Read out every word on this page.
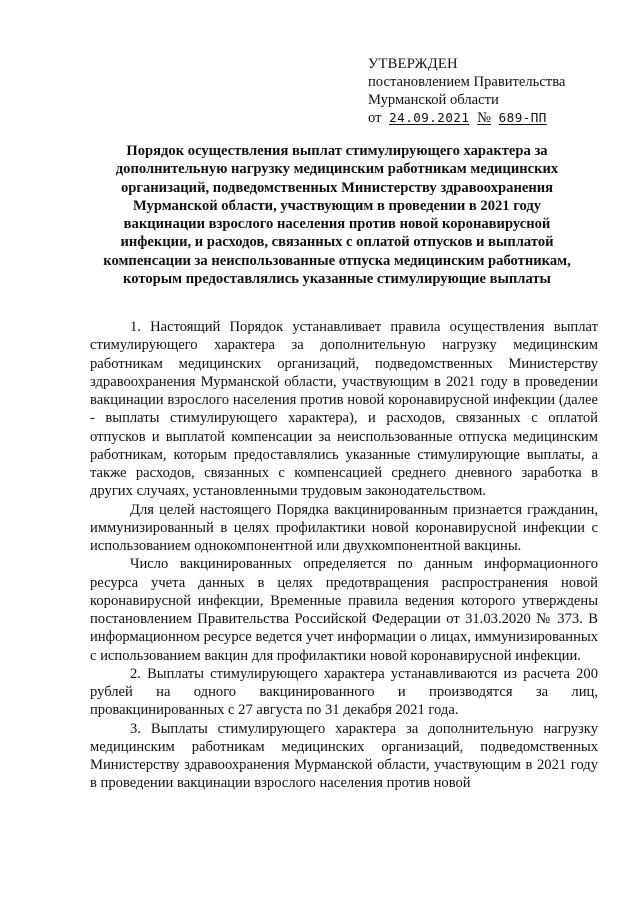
УТВЕРЖДЕН
постановлением Правительства
Мурманской области
от 24.09.2021 № 689-ПП
Порядок осуществления выплат стимулирующего характера за дополнительную нагрузку медицинским работникам медицинских организаций, подведомственных Министерству здравоохранения Мурманской области, участвующим в проведении в 2021 году вакцинации взрослого населения против новой коронавирусной инфекции, и расходов, связанных с оплатой отпусков и выплатой компенсации за неиспользованные отпуска медицинским работникам, которым предоставлялись указанные стимулирующие выплаты

1. Настоящий Порядок устанавливает правила осуществления выплат стимулирующего характера за дополнительную нагрузку медицинским работникам медицинских организаций, подведомственных Министерству здравоохранения Мурманской области, участвующим в 2021 году в проведении вакцинации взрослого населения против новой коронавирусной инфекции (далее - выплаты стимулирующего характера), и расходов, связанных с оплатой отпусков и выплатой компенсации за неиспользованные отпуска медицинским работникам, которым предоставлялись указанные стимулирующие выплаты, а также расходов, связанных с компенсацией среднего дневного заработка в других случаях, установленными трудовым законодательством.

Для целей настоящего Порядка вакцинированным признается гражданин, иммунизированный в целях профилактики новой коронавирусной инфекции с использованием однокомпонентной или двухкомпонентной вакцины.

Число вакцинированных определяется по данным информационного ресурса учета данных в целях предотвращения распространения новой коронавирусной инфекции, Временные правила ведения которого утверждены постановлением Правительства Российской Федерации от 31.03.2020 № 373. В информационном ресурсе ведется учет информации о лицах, иммунизированных с использованием вакцин для профилактики новой коронавирусной инфекции.

2. Выплаты стимулирующего характера устанавливаются из расчета 200 рублей на одного вакцинированного и производятся за лиц, провакцинированных с 27 августа по 31 декабря 2021 года.

3. Выплаты стимулирующего характера за дополнительную нагрузку медицинским работникам медицинских организаций, подведомственных Министерству здравоохранения Мурманской области, участвующим в 2021 году в проведении вакцинации взрослого населения против новой
